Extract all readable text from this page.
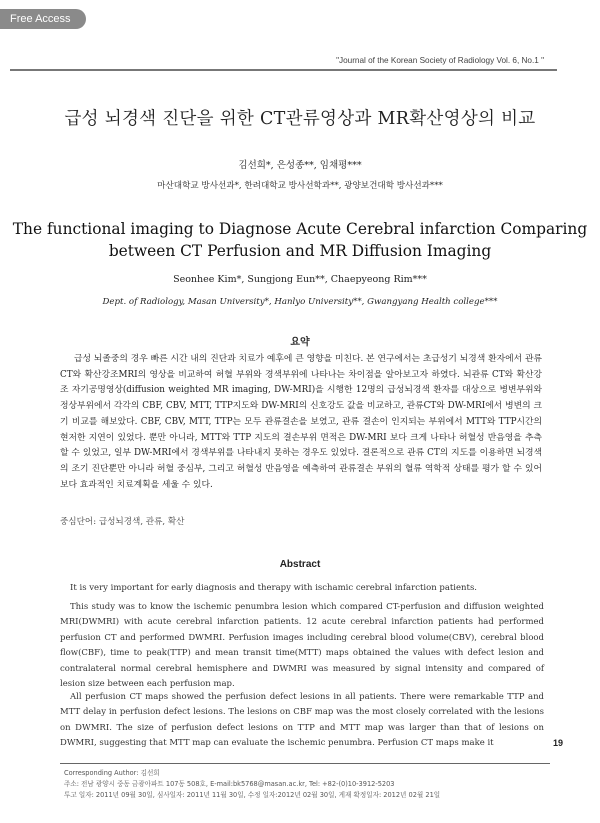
Free Access
"Journal of the Korean Society of Radiology Vol. 6, No.1 "
급성 뇌경색 진단을 위한 CT관류영상과 MR확산영상의 비교
김선희*, 은성종**, 임채평***
마산대학교 방사선과*, 한려대학교 방사선학과**, 광양보건대학 방사선과***
The functional imaging to Diagnose Acute Cerebral infarction Comparing
between CT Perfusion and MR Diffusion Imaging
Seonhee Kim*, Sungjong Eun**, Chaepyeong Rim***
Dept. of Radiology, Masan University*, Hanlyo University**, Gwangyang Health college***
요약
급성 뇌졸중의 경우 빠른 시간 내의 진단과 치료가 예후에 큰 영향을 미친다. 본 연구에서는 초급성기 뇌경색 환자에서 관류CT와 확산강조MRI의 영상을 비교하여 허혈 부위와 경색부위에 나타나는 차이점을 알아보고자 하였다. 뇌관류 CT와 확산강조 자기공명영상(diffusion weighted MR imaging, DW-MRI)을 시행한 12명의 급성뇌경색 환자를 대상으로 병변부위와 정상부위에서 각각의 CBF, CBV, MTT, TTP지도와 DW-MRI의 신호강도 값을 비교하고, 관류CT와 DW-MRI에서 병변의 크기 비교를 해보았다. CBF, CBV, MTT, TTP는 모두 관류결손을 보였고, 관류 결손이 인지되는 부위에서 MTT와 TTP시간의 현저한 지연이 있었다. 뿐만 아니라, MTT와 TTP 지도의 결손부위 면적은 DW-MRI 보다 크게 나타나 허혈성 반음영을 추측할 수 있었고, 일부 DW-MRI에서 경색부위를 나타내지 못하는 경우도 있었다. 결론적으로 관류 CT의 지도를 이용하면 뇌경색의 조기 진단뿐만 아니라 허혈 중심부, 그리고 허혈성 반음영을 예측하여 관류결손 부위의 혈류 역학적 상태를 평가 할 수 있어 보다 효과적인 치료계획을 세울 수 있다.
중심단어: 급성뇌경색, 관류, 확산
Abstract
It is very important for early diagnosis and therapy with ischamic cerebral infarction patients.
This study was to know the ischemic penumbra lesion which compared CT-perfusion and diffusion weighted MRI(DWMRI) with acute cerebral infarction patients. 12 acute cerebral infarction patients had performed perfusion CT and performed DWMRI. Perfusion images including cerebral blood volume(CBV), cerebral blood flow(CBF), time to peak(TTP) and mean transit time(MTT) maps obtained the values with defect lesion and contralateral normal cerebral hemisphere and DWMRI was measured by signal intensity and compared of lesion size between each perfusion map.
All perfusion CT maps showed the perfusion defect lesions in all patients. There were remarkable TTP and MTT delay in perfusion defect lesions. The lesions on CBF map was the most closely correlated with the lesions on DWMRI. The size of perfusion defect lesions on TTP and MTT map was larger than that of lesions on DWMRI, suggesting that MTT map can evaluate the ischemic penumbra. Perfusion CT maps make it	19
Corresponding Author: 김선희
주소: 전남 광양시 중동 금광아파트 107동 508호, E-mail:bk5768@masan.ac.kr, Tel: +82-(0)10-3912-5203
투고 일자: 2011년 09월 30일, 심사일자: 2011년 11월 30일, 수정 일자:2012년 02월 30일, 게재 확정일자: 2012년 02월 21일
